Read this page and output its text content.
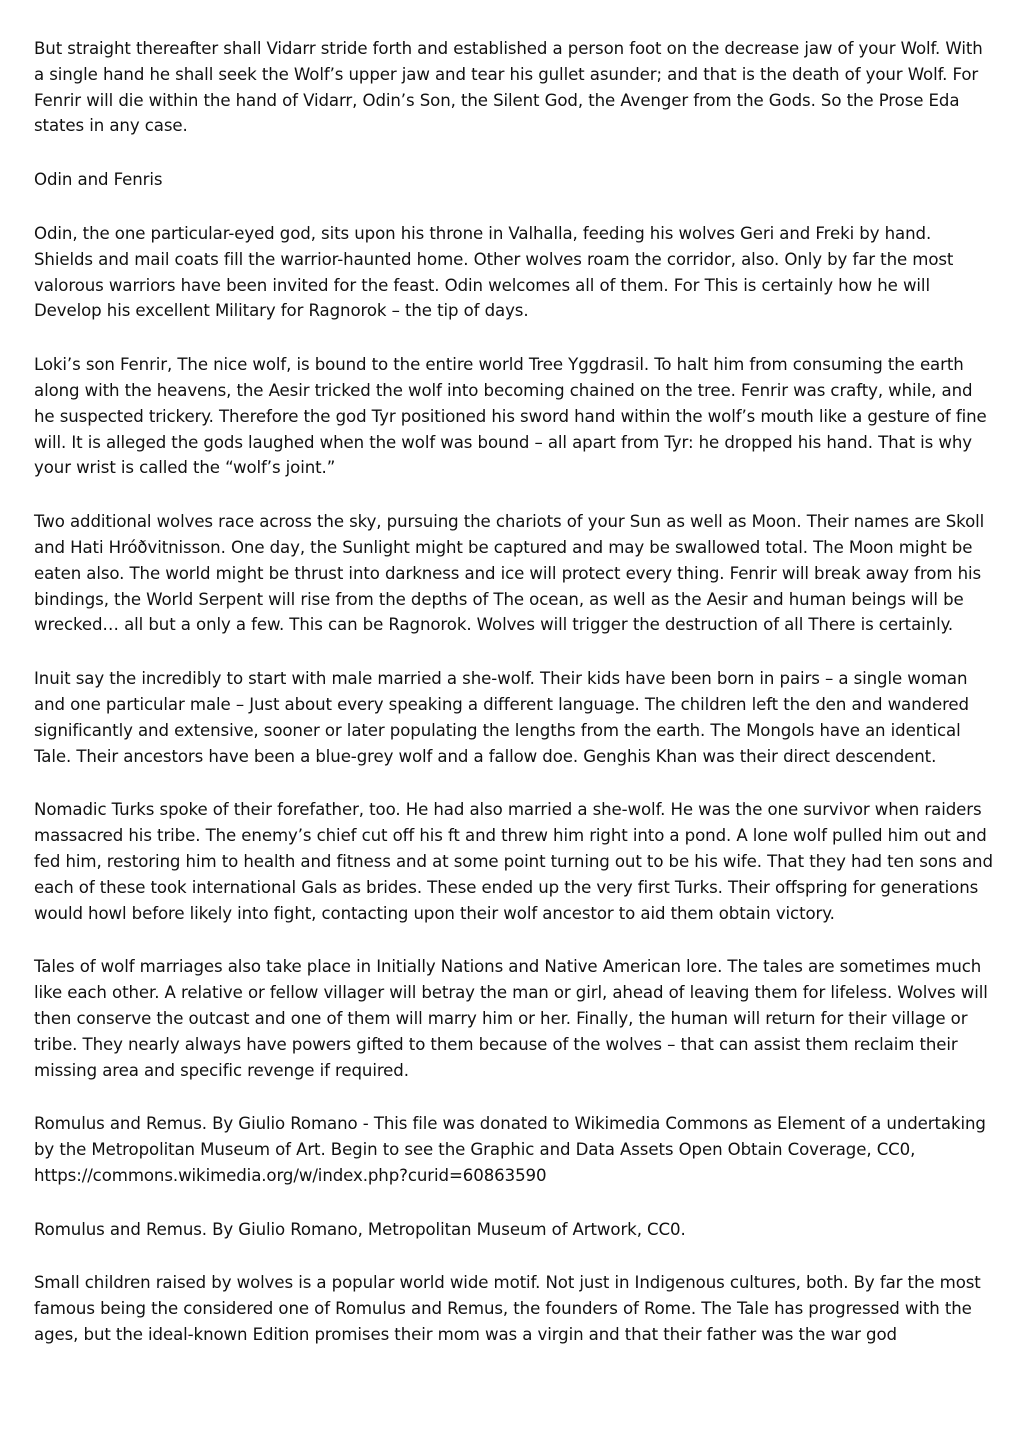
But straight thereafter shall Vidarr stride forth and established a person foot on the decrease jaw of your Wolf. With a single hand he shall seek the Wolf’s upper jaw and tear his gullet asunder; and that is the death of your Wolf. For Fenrir will die within the hand of Vidarr, Odin’s Son, the Silent God, the Avenger from the Gods. So the Prose Eda states in any case.

Odin and Fenris

Odin, the one particular-eyed god, sits upon his throne in Valhalla, feeding his wolves Geri and Freki by hand. Shields and mail coats fill the warrior-haunted home. Other wolves roam the corridor, also. Only by far the most valorous warriors have been invited for the feast. Odin welcomes all of them. For This is certainly how he will Develop his excellent Military for Ragnorok – the tip of days.

Loki’s son Fenrir, The nice wolf, is bound to the entire world Tree Yggdrasil. To halt him from consuming the earth along with the heavens, the Aesir tricked the wolf into becoming chained on the tree. Fenrir was crafty, while, and he suspected trickery. Therefore the god Tyr positioned his sword hand within the wolf’s mouth like a gesture of fine will. It is alleged the gods laughed when the wolf was bound – all apart from Tyr: he dropped his hand. That is why your wrist is called the “wolf’s joint.”

Two additional wolves race across the sky, pursuing the chariots of your Sun as well as Moon. Their names are Skoll and Hati Hróðvitnisson. One day, the Sunlight might be captured and may be swallowed total. The Moon might be eaten also. The world might be thrust into darkness and ice will protect every thing. Fenrir will break away from his bindings, the World Serpent will rise from the depths of The ocean, as well as the Aesir and human beings will be wrecked… all but a only a few. This can be Ragnorok. Wolves will trigger the destruction of all There is certainly.

Inuit say the incredibly to start with male married a she-wolf. Their kids have been born in pairs – a single woman and one particular male – Just about every speaking a different language. The children left the den and wandered significantly and extensive, sooner or later populating the lengths from the earth. The Mongols have an identical Tale. Their ancestors have been a blue-grey wolf and a fallow doe. Genghis Khan was their direct descendent.

Nomadic Turks spoke of their forefather, too. He had also married a she-wolf. He was the one survivor when raiders massacred his tribe. The enemy’s chief cut off his ft and threw him right into a pond. A lone wolf pulled him out and fed him, restoring him to health and fitness and at some point turning out to be his wife. That they had ten sons and each of these took international Gals as brides. These ended up the very first Turks. Their offspring for generations would howl before likely into fight, contacting upon their wolf ancestor to aid them obtain victory.

Tales of wolf marriages also take place in Initially Nations and Native American lore. The tales are sometimes much like each other. A relative or fellow villager will betray the man or girl, ahead of leaving them for lifeless. Wolves will then conserve the outcast and one of them will marry him or her. Finally, the human will return for their village or tribe. They nearly always have powers gifted to them because of the wolves – that can assist them reclaim their missing area and specific revenge if required.

Romulus and Remus. By Giulio Romano - This file was donated to Wikimedia Commons as Element of a undertaking by the Metropolitan Museum of Art. Begin to see the Graphic and Data Assets Open Obtain Coverage, CC0, https://commons.wikimedia.org/w/index.php?curid=60863590

Romulus and Remus. By Giulio Romano, Metropolitan Museum of Artwork, CC0.

Small children raised by wolves is a popular world wide motif. Not just in Indigenous cultures, both. By far the most famous being the considered one of Romulus and Remus, the founders of Rome. The Tale has progressed with the ages, but the ideal-known Edition promises their mom was a virgin and that their father was the war god
